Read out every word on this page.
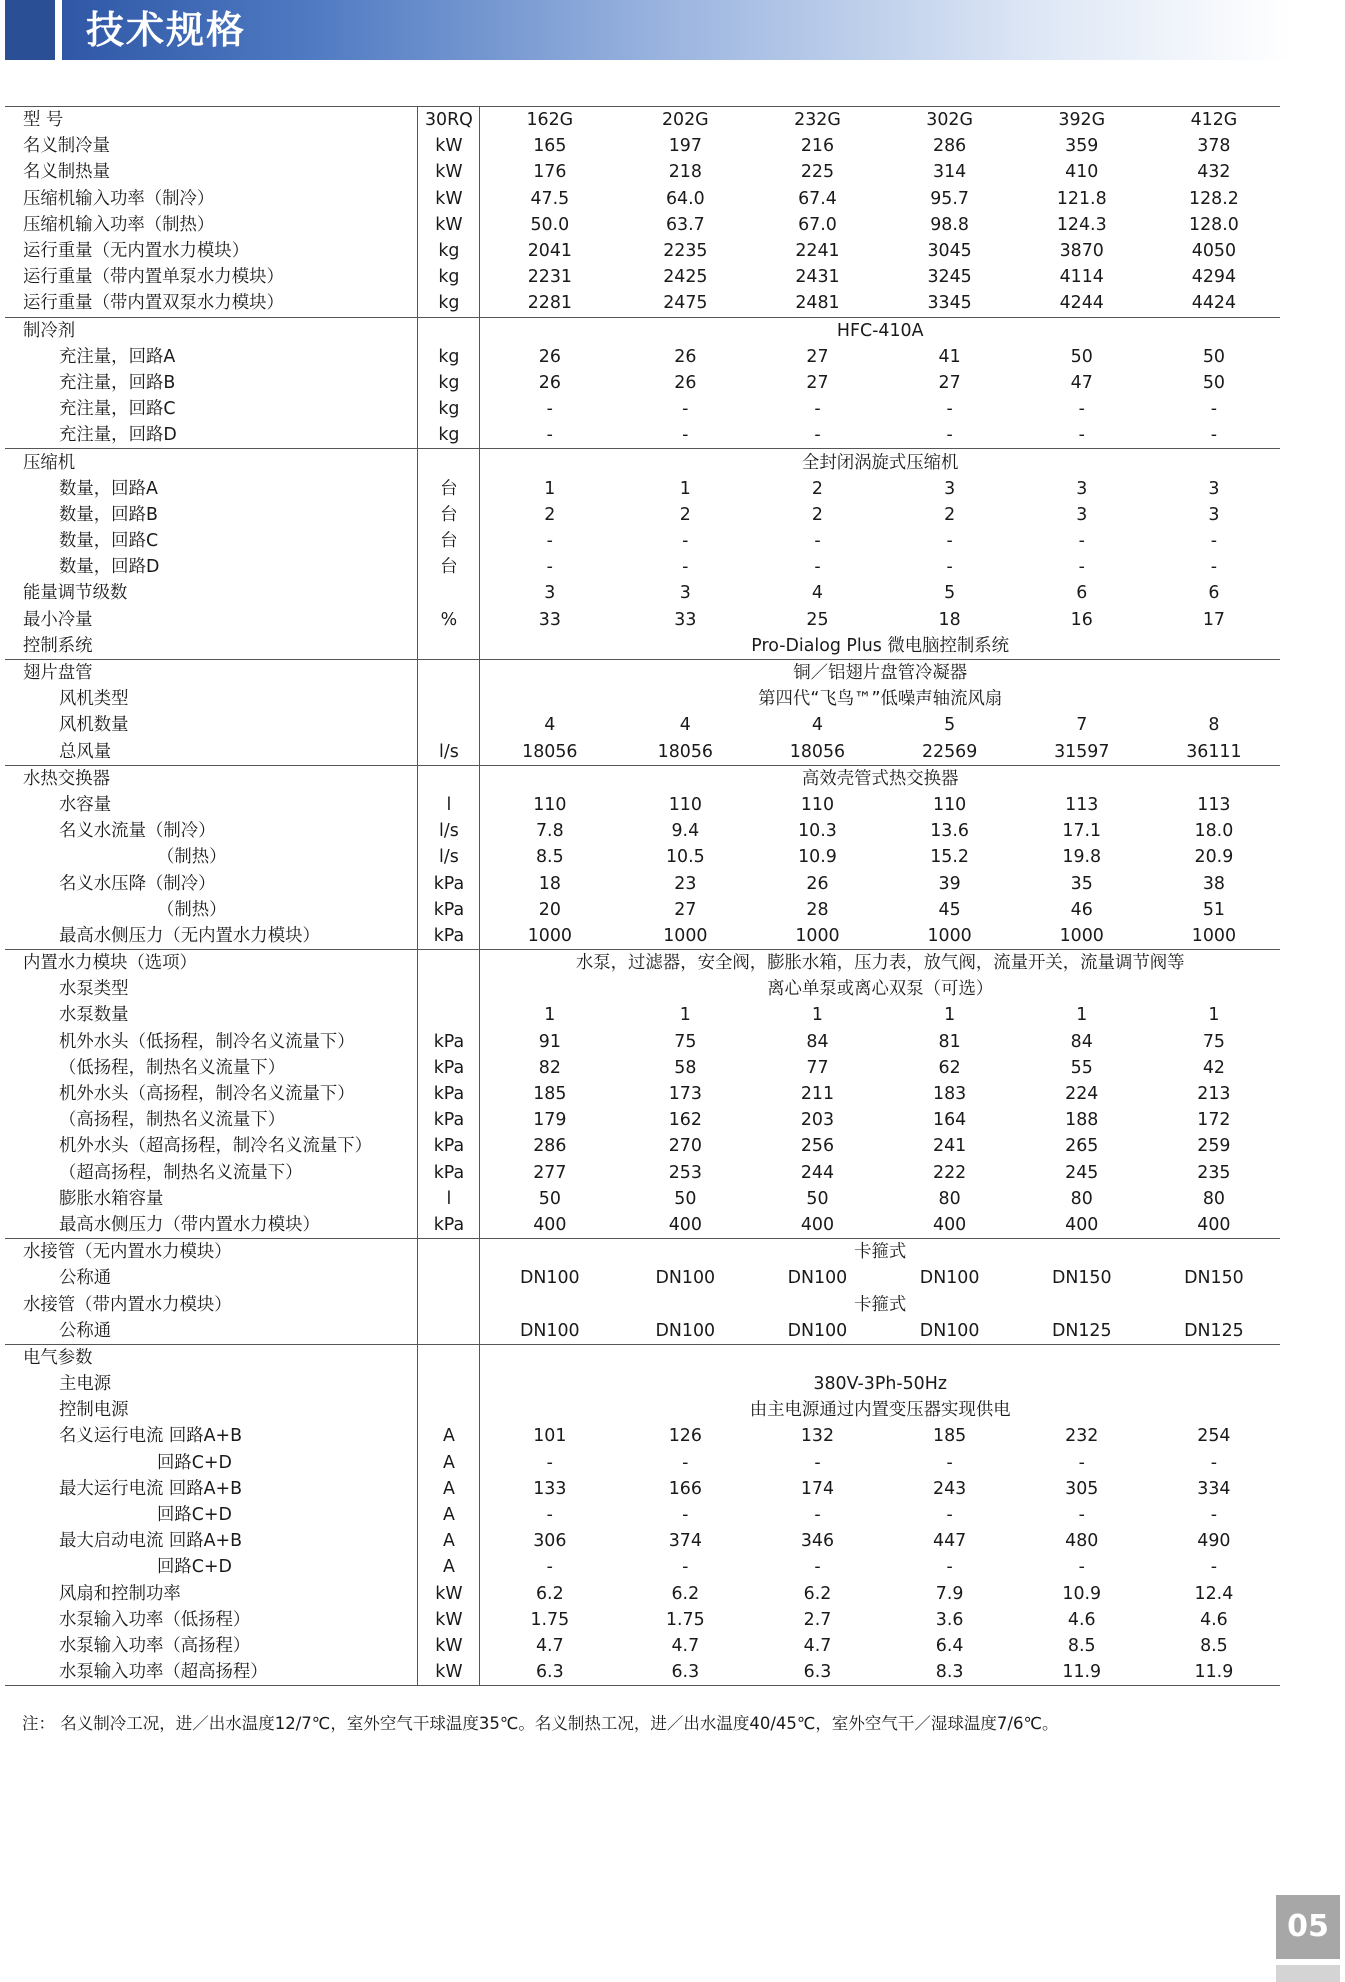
技术规格
型 号	30RQ	162G	202G	232G	302G	392G	412G
名义制冷量	kW	165	197	216	286	359	378
名义制热量	kW	176	218	225	314	410	432
压缩机输入功率（制冷）	kW	47.5	64.0	67.4	95.7	121.8	128.2
压缩机输入功率（制热）	kW	50.0	63.7	67.0	98.8	124.3	128.0
运行重量（无内置水力模块）	kg	2041	2235	2241	3045	3870	4050
运行重量（带内置单泵水力模块）	kg	2231	2425	2431	3245	4114	4294
运行重量（带内置双泵水力模块）	kg	2281	2475	2481	3345	4244	4424
制冷剂		HFC-410A					
充注量，回路A	kg	26	26	27	41	50	50
充注量，回路B	kg	26	26	27	27	47	50
充注量，回路C	kg	-	-	-	-	-	-
充注量，回路D	kg	-	-	-	-	-	-
压缩机		全封闭涡旋式压缩机					
数量，回路A	台	1	1	2	3	3	3
数量，回路B	台	2	2	2	2	3	3
数量，回路C	台	-	-	-	-	-	-
数量，回路D	台	-	-	-	-	-	-
能量调节级数		3	3	4	5	6	6
最小冷量	%	33	33	25	18	16	17
控制系统		Pro-Dialog Plus 微电脑控制系统					
翅片盘管		铜／铝翅片盘管冷凝器					
风机类型		第四代“飞鸟™”低噪声轴流风扇					
风机数量		4	4	4	5	7	8
总风量	l/s	18056	18056	18056	22569	31597	36111
水热交换器		高效壳管式热交换器					
水容量	l	110	110	110	110	113	113
名义水流量（制冷）	l/s	7.8	9.4	10.3	13.6	17.1	18.0
（制热）	l/s	8.5	10.5	10.9	15.2	19.8	20.9
名义水压降（制冷）	kPa	18	23	26	39	35	38
（制热）	kPa	20	27	28	45	46	51
最高水侧压力（无内置水力模块）	kPa	1000	1000	1000	1000	1000	1000
内置水力模块（选项）		水泵，过滤器，安全阀，膨胀水箱，压力表，放气阀，流量开关，流量调节阀等					
水泵类型		离心单泵或离心双泵（可选）					
水泵数量		1	1	1	1	1	1
机外水头（低扬程，制冷名义流量下）	kPa	91	75	84	81	84	75
（低扬程，制热名义流量下）	kPa	82	58	77	62	55	42
机外水头（高扬程，制冷名义流量下）	kPa	185	173	211	183	224	213
（高扬程，制热名义流量下）	kPa	179	162	203	164	188	172
机外水头（超高扬程，制冷名义流量下）	kPa	286	270	256	241	265	259
（超高扬程，制热名义流量下）	kPa	277	253	244	222	245	235
膨胀水箱容量	l	50	50	50	80	80	80
最高水侧压力（带内置水力模块）	kPa	400	400	400	400	400	400
水接管（无内置水力模块）		卡箍式					
公称通		DN100	DN100	DN100	DN100	DN150	DN150
水接管（带内置水力模块）		卡箍式					
公称通		DN100	DN100	DN100	DN100	DN125	DN125
电气参数							
主电源		380V-3Ph-50Hz					
控制电源		由主电源通过内置变压器实现供电					
名义运行电流 回路A+B	A	101	126	132	185	232	254
回路C+D	A	-	-	-	-	-	-
最大运行电流 回路A+B	A	133	166	174	243	305	334
回路C+D	A	-	-	-	-	-	-
最大启动电流 回路A+B	A	306	374	346	447	480	490
回路C+D	A	-	-	-	-	-	-
风扇和控制功率	kW	6.2	6.2	6.2	7.9	10.9	12.4
水泵输入功率（低扬程）	kW	1.75	1.75	2.7	3.6	4.6	4.6
水泵输入功率（高扬程）	kW	4.7	4.7	4.7	6.4	8.5	8.5
水泵输入功率（超高扬程）	kW	6.3	6.3	6.3	8.3	11.9	11.9
注： 名义制冷工况，进／出水温度12/7℃，室外空气干球温度35℃。名义制热工况，进／出水温度40/45℃，室外空气干／湿球温度7/6℃。
05
